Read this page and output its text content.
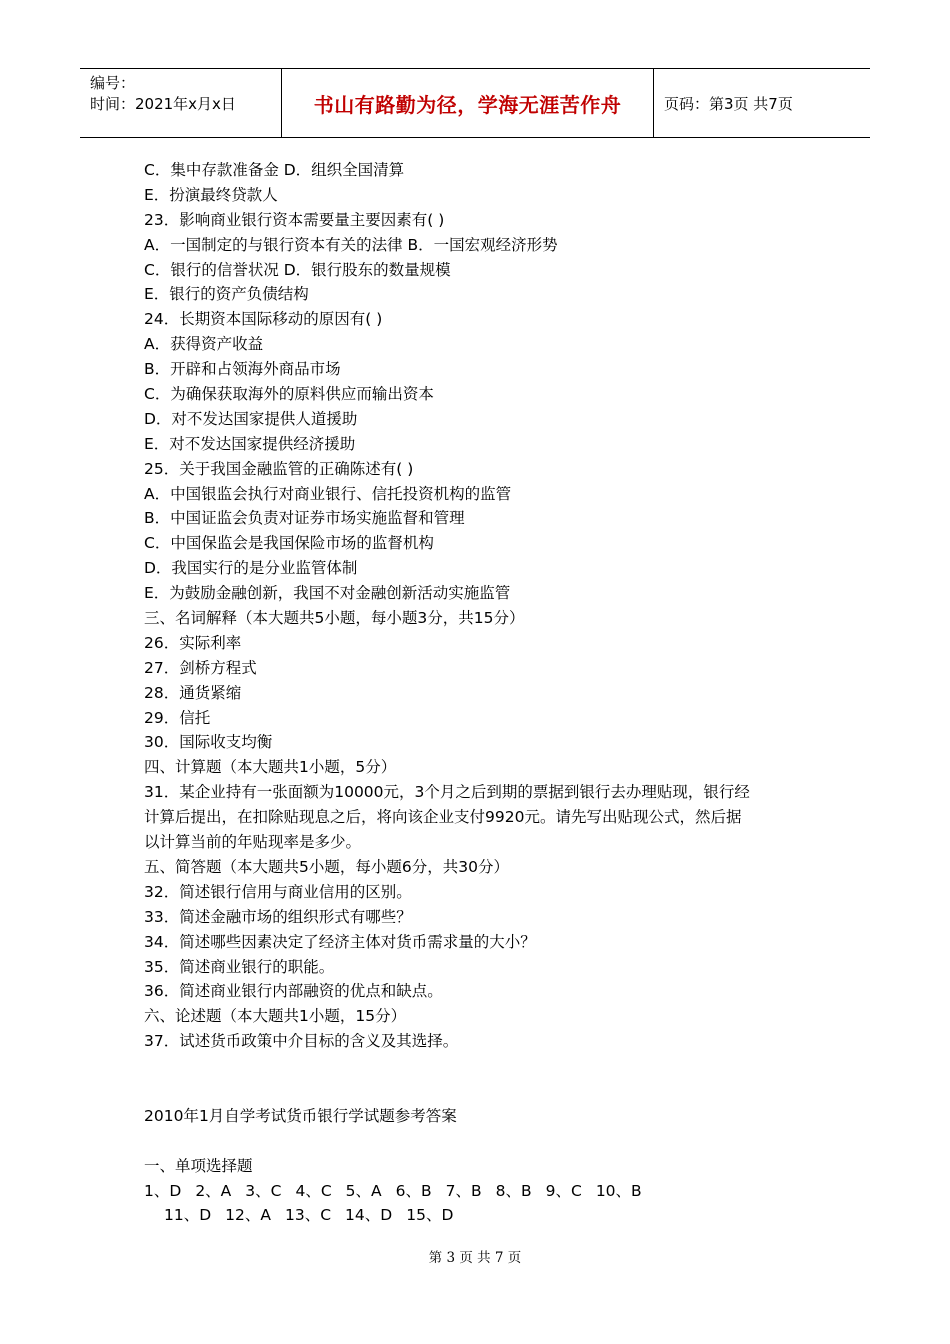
编号：
时间：2021年x月x日	书山有路勤为径，学海无涯苦作舟	页码：第3页 共7页
C．集中存款准备金 D．组织全国清算
E．扮演最终贷款人
23．影响商业银行资本需要量主要因素有( )
A．一国制定的与银行资本有关的法律 B．一国宏观经济形势
C．银行的信誉状况 D．银行股东的数量规模
E．银行的资产负债结构
24．长期资本国际移动的原因有( )
A．获得资产收益
B．开辟和占领海外商品市场
C．为确保获取海外的原料供应而输出资本
D．对不发达国家提供人道援助
E．对不发达国家提供经济援助
25．关于我国金融监管的正确陈述有( )
A．中国银监会执行对商业银行、信托投资机构的监管
B．中国证监会负责对证券市场实施监督和管理
C．中国保监会是我国保险市场的监督机构
D．我国实行的是分业监管体制
E．为鼓励金融创新，我国不对金融创新活动实施监管
三、名词解释（本大题共5小题，每小题3分，共15分）
26．实际利率
27．剑桥方程式
28．通货紧缩
29．信托
30．国际收支均衡
四、计算题（本大题共1小题，5分）
31．某企业持有一张面额为10000元，3个月之后到期的票据到银行去办理贴现，银行经
计算后提出，在扣除贴现息之后，将向该企业支付9920元。请先写出贴现公式，然后据
以计算当前的年贴现率是多少。
五、简答题（本大题共5小题，每小题6分，共30分）
32．简述银行信用与商业信用的区别。
33．简述金融市场的组织形式有哪些？
34．简述哪些因素决定了经济主体对货币需求量的大小？
35．简述商业银行的职能。
36．简述商业银行内部融资的优点和缺点。
六、论述题（本大题共1小题，15分）
37．试述货币政策中介目标的含义及其选择。
2010年1月自学考试货币银行学试题参考答案
一、单项选择题
1、D 2、A 3、C 4、C 5、A 6、B 7、B 8、B 9、C 10、B
11、D 12、A 13、C 14、D 15、D
第 3 页 共 7 页
